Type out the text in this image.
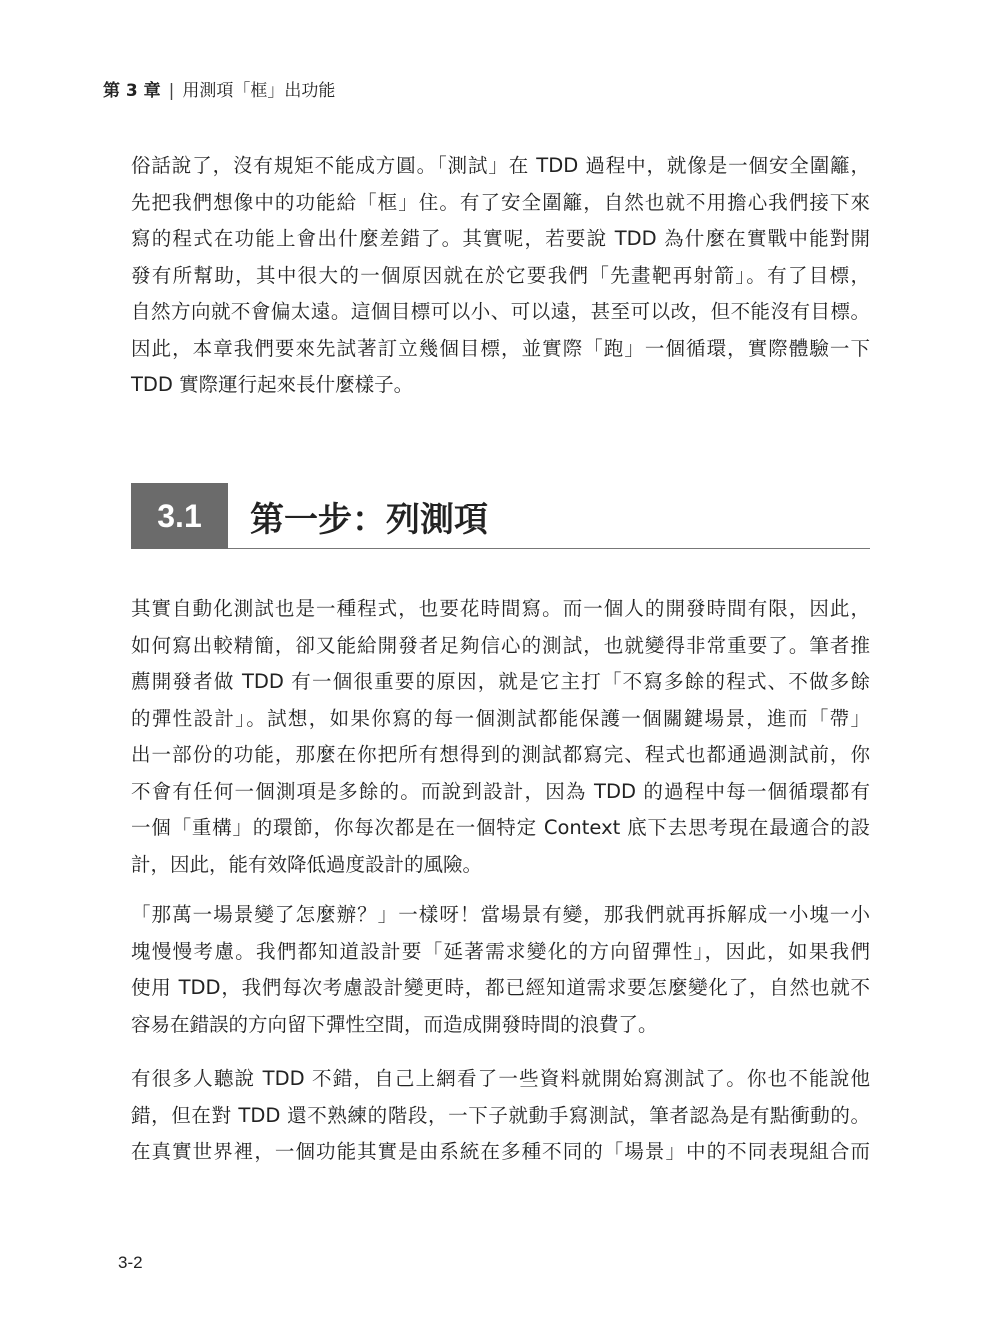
第 3 章 | 用測項「框」出功能
俗話說了，沒有規矩不能成方圓。「測試」在 TDD 過程中，就像是一個安全圍籬，
先把我們想像中的功能給「框」住。有了安全圍籬，自然也就不用擔心我們接下來
寫的程式在功能上會出什麼差錯了。其實呢，若要說 TDD 為什麼在實戰中能對開
發有所幫助，其中很大的一個原因就在於它要我們「先畫靶再射箭」。有了目標，
自然方向就不會偏太遠。這個目標可以小、可以遠，甚至可以改，但不能沒有目標。
因此，本章我們要來先試著訂立幾個目標，並實際「跑」一個循環，實際體驗一下
TDD 實際運行起來長什麼樣子。
3.1	第一步：列測項
其實自動化測試也是一種程式，也要花時間寫。而一個人的開發時間有限，因此，
如何寫出較精簡，卻又能給開發者足夠信心的測試，也就變得非常重要了。筆者推
薦開發者做 TDD 有一個很重要的原因，就是它主打「不寫多餘的程式、不做多餘
的彈性設計」。試想，如果你寫的每一個測試都能保護一個關鍵場景，進而「帶」
出一部份的功能，那麼在你把所有想得到的測試都寫完、程式也都通過測試前，你
不會有任何一個測項是多餘的。而說到設計，因為 TDD 的過程中每一個循環都有
一個「重構」的環節，你每次都是在一個特定 Context 底下去思考現在最適合的設
計，因此，能有效降低過度設計的風險。
「那萬一場景變了怎麼辦？」一樣呀！當場景有變，那我們就再拆解成一小塊一小
塊慢慢考慮。我們都知道設計要「延著需求變化的方向留彈性」，因此，如果我們
使用 TDD，我們每次考慮設計變更時，都已經知道需求要怎麼變化了，自然也就不
容易在錯誤的方向留下彈性空間，而造成開發時間的浪費了。
有很多人聽說 TDD 不錯，自己上網看了一些資料就開始寫測試了。你也不能說他
錯，但在對 TDD 還不熟練的階段，一下子就動手寫測試，筆者認為是有點衝動的。
在真實世界裡，一個功能其實是由系統在多種不同的「場景」中的不同表現組合而
3-2
